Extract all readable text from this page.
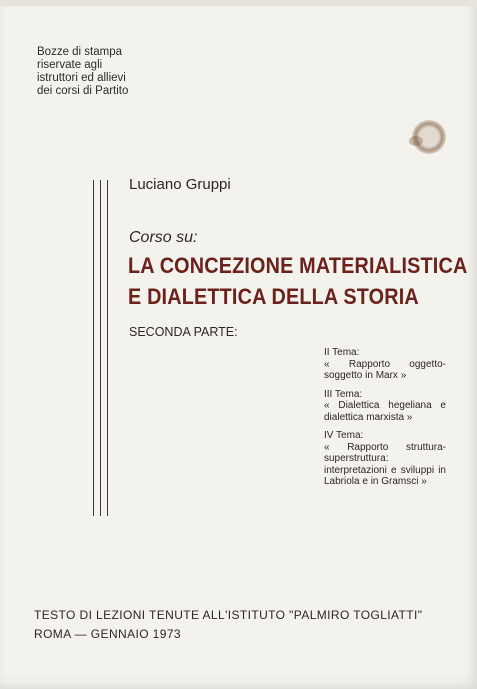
Bozze di stampa
riservate agli
istruttori ed allievi
dei corsi di Partito
Luciano Gruppi
Corso su:
LA CONCEZIONE MATERIALISTICA
E DIALETTICA DELLA STORIA
SECONDA PARTE:
II Tema:
« Rapporto oggetto-soggetto in Marx »
III Tema:
« Dialettica hegeliana e dialettica marxista »
IV Tema:
« Rapporto struttura-superstruttura: interpretazioni e sviluppi in Labriola e in Gramsci »
TESTO DI LEZIONI TENUTE ALL'ISTITUTO "PALMIRO TOGLIATTI"
ROMA — GENNAIO 1973
